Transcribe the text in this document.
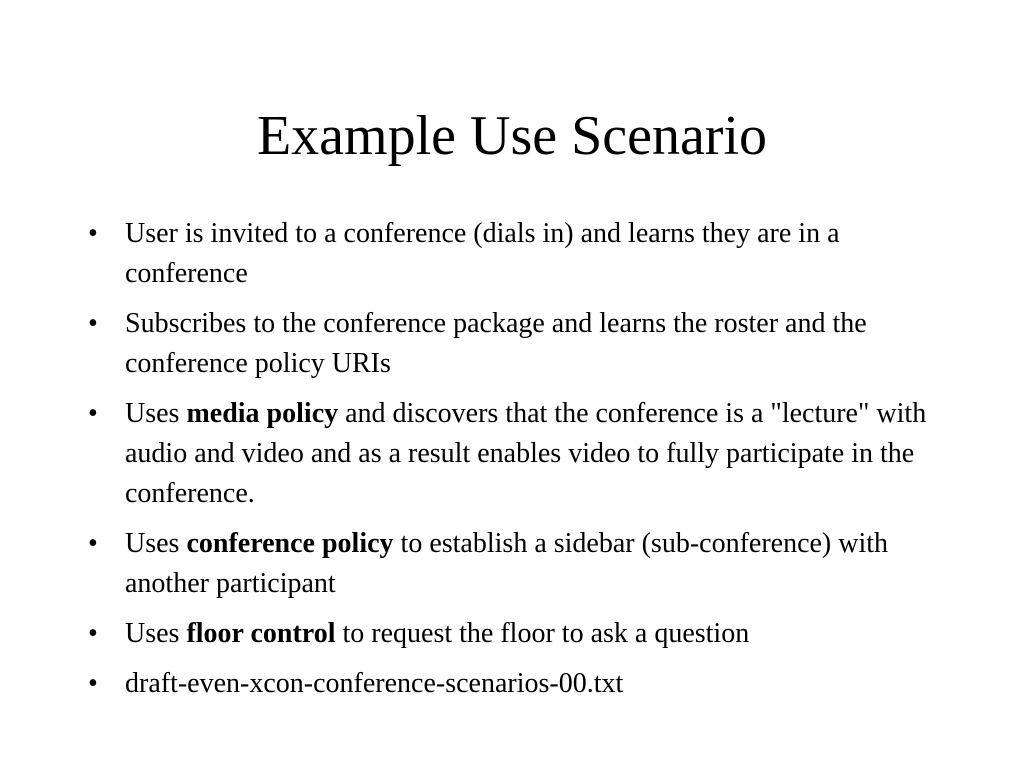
Example Use Scenario
• User is invited to a conference (dials in) and learns they are in a conference
• Subscribes to the conference package and learns the roster and the conference policy URIs
• Uses media policy and discovers that the conference is a "lecture" with audio and video and as a result enables video to fully participate in the conference.
• Uses conference policy to establish a sidebar (sub-conference) with another participant
• Uses floor control to request the floor to ask a question
• draft-even-xcon-conference-scenarios-00.txt
